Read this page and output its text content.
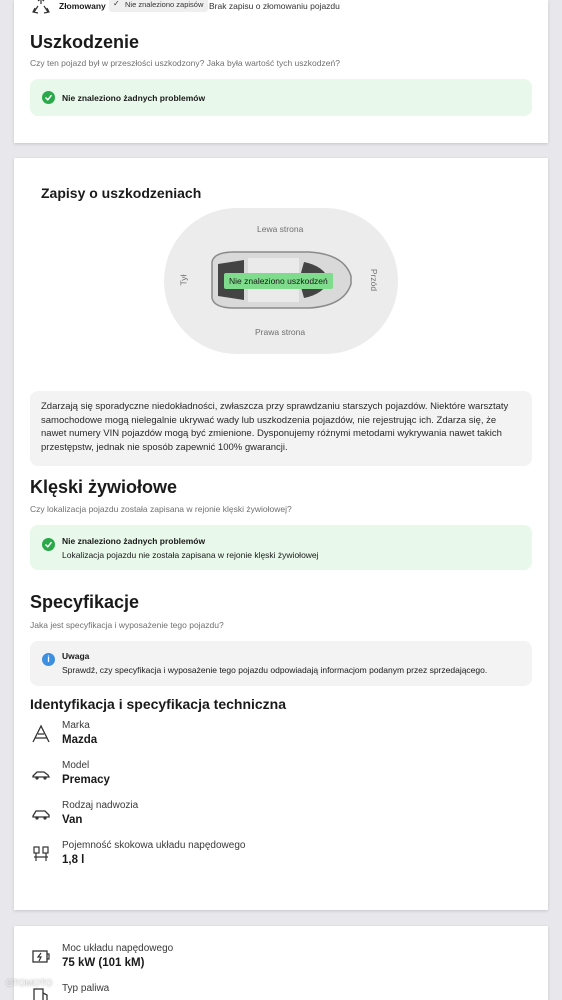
Złomowany ✓ Nie znaleziono zapisów Brak zapisu o złomowaniu pojazdu
Uszkodzenie
Czy ten pojazd był w przeszłości uszkodzony? Jaka była wartość tych uszkodzeń?
Nie znaleziono żadnych problemów
Zapisy o uszkodzeniach
Lewa strona
Prawa strona
Tył	Przód
Nie znaleziono uszkodzeń

Zdarzają się sporadyczne niedokładności, zwłaszcza przy sprawdzaniu starszych pojazdów. Niektóre warsztaty samochodowe mogą nielegalnie ukrywać wady lub uszkodzenia pojazdów, nie rejestrując ich. Zdarza się, że nawet numery VIN pojazdów mogą być zmienione. Dysponujemy różnymi metodami wykrywania nawet takich przestępstw, jednak nie sposób zapewnić 100% gwarancji.

Klęski żywiołowe
Czy lokalizacja pojazdu została zapisana w rejonie klęski żywiołowej?
Nie znaleziono żadnych problemów
Lokalizacja pojazdu nie została zapisana w rejonie klęski żywiołowej
Specyfikacje
Jaka jest specyfikacja i wyposażenie tego pojazdu?
i	Uwaga
Sprawdź, czy specyfikacja i wyposażenie tego pojazdu odpowiadają informacjom podanym przez sprzedającego.
Identyfikacja i specyfikacja techniczna
Marka
Mazda
Model
Premacy
Rodzaj nadwozia
Van
Pojemność skokowa układu napędowego
1,8 l
Moc układu napędowego
75 kW (101 kM)
Typ paliwa
OTOMOTO
